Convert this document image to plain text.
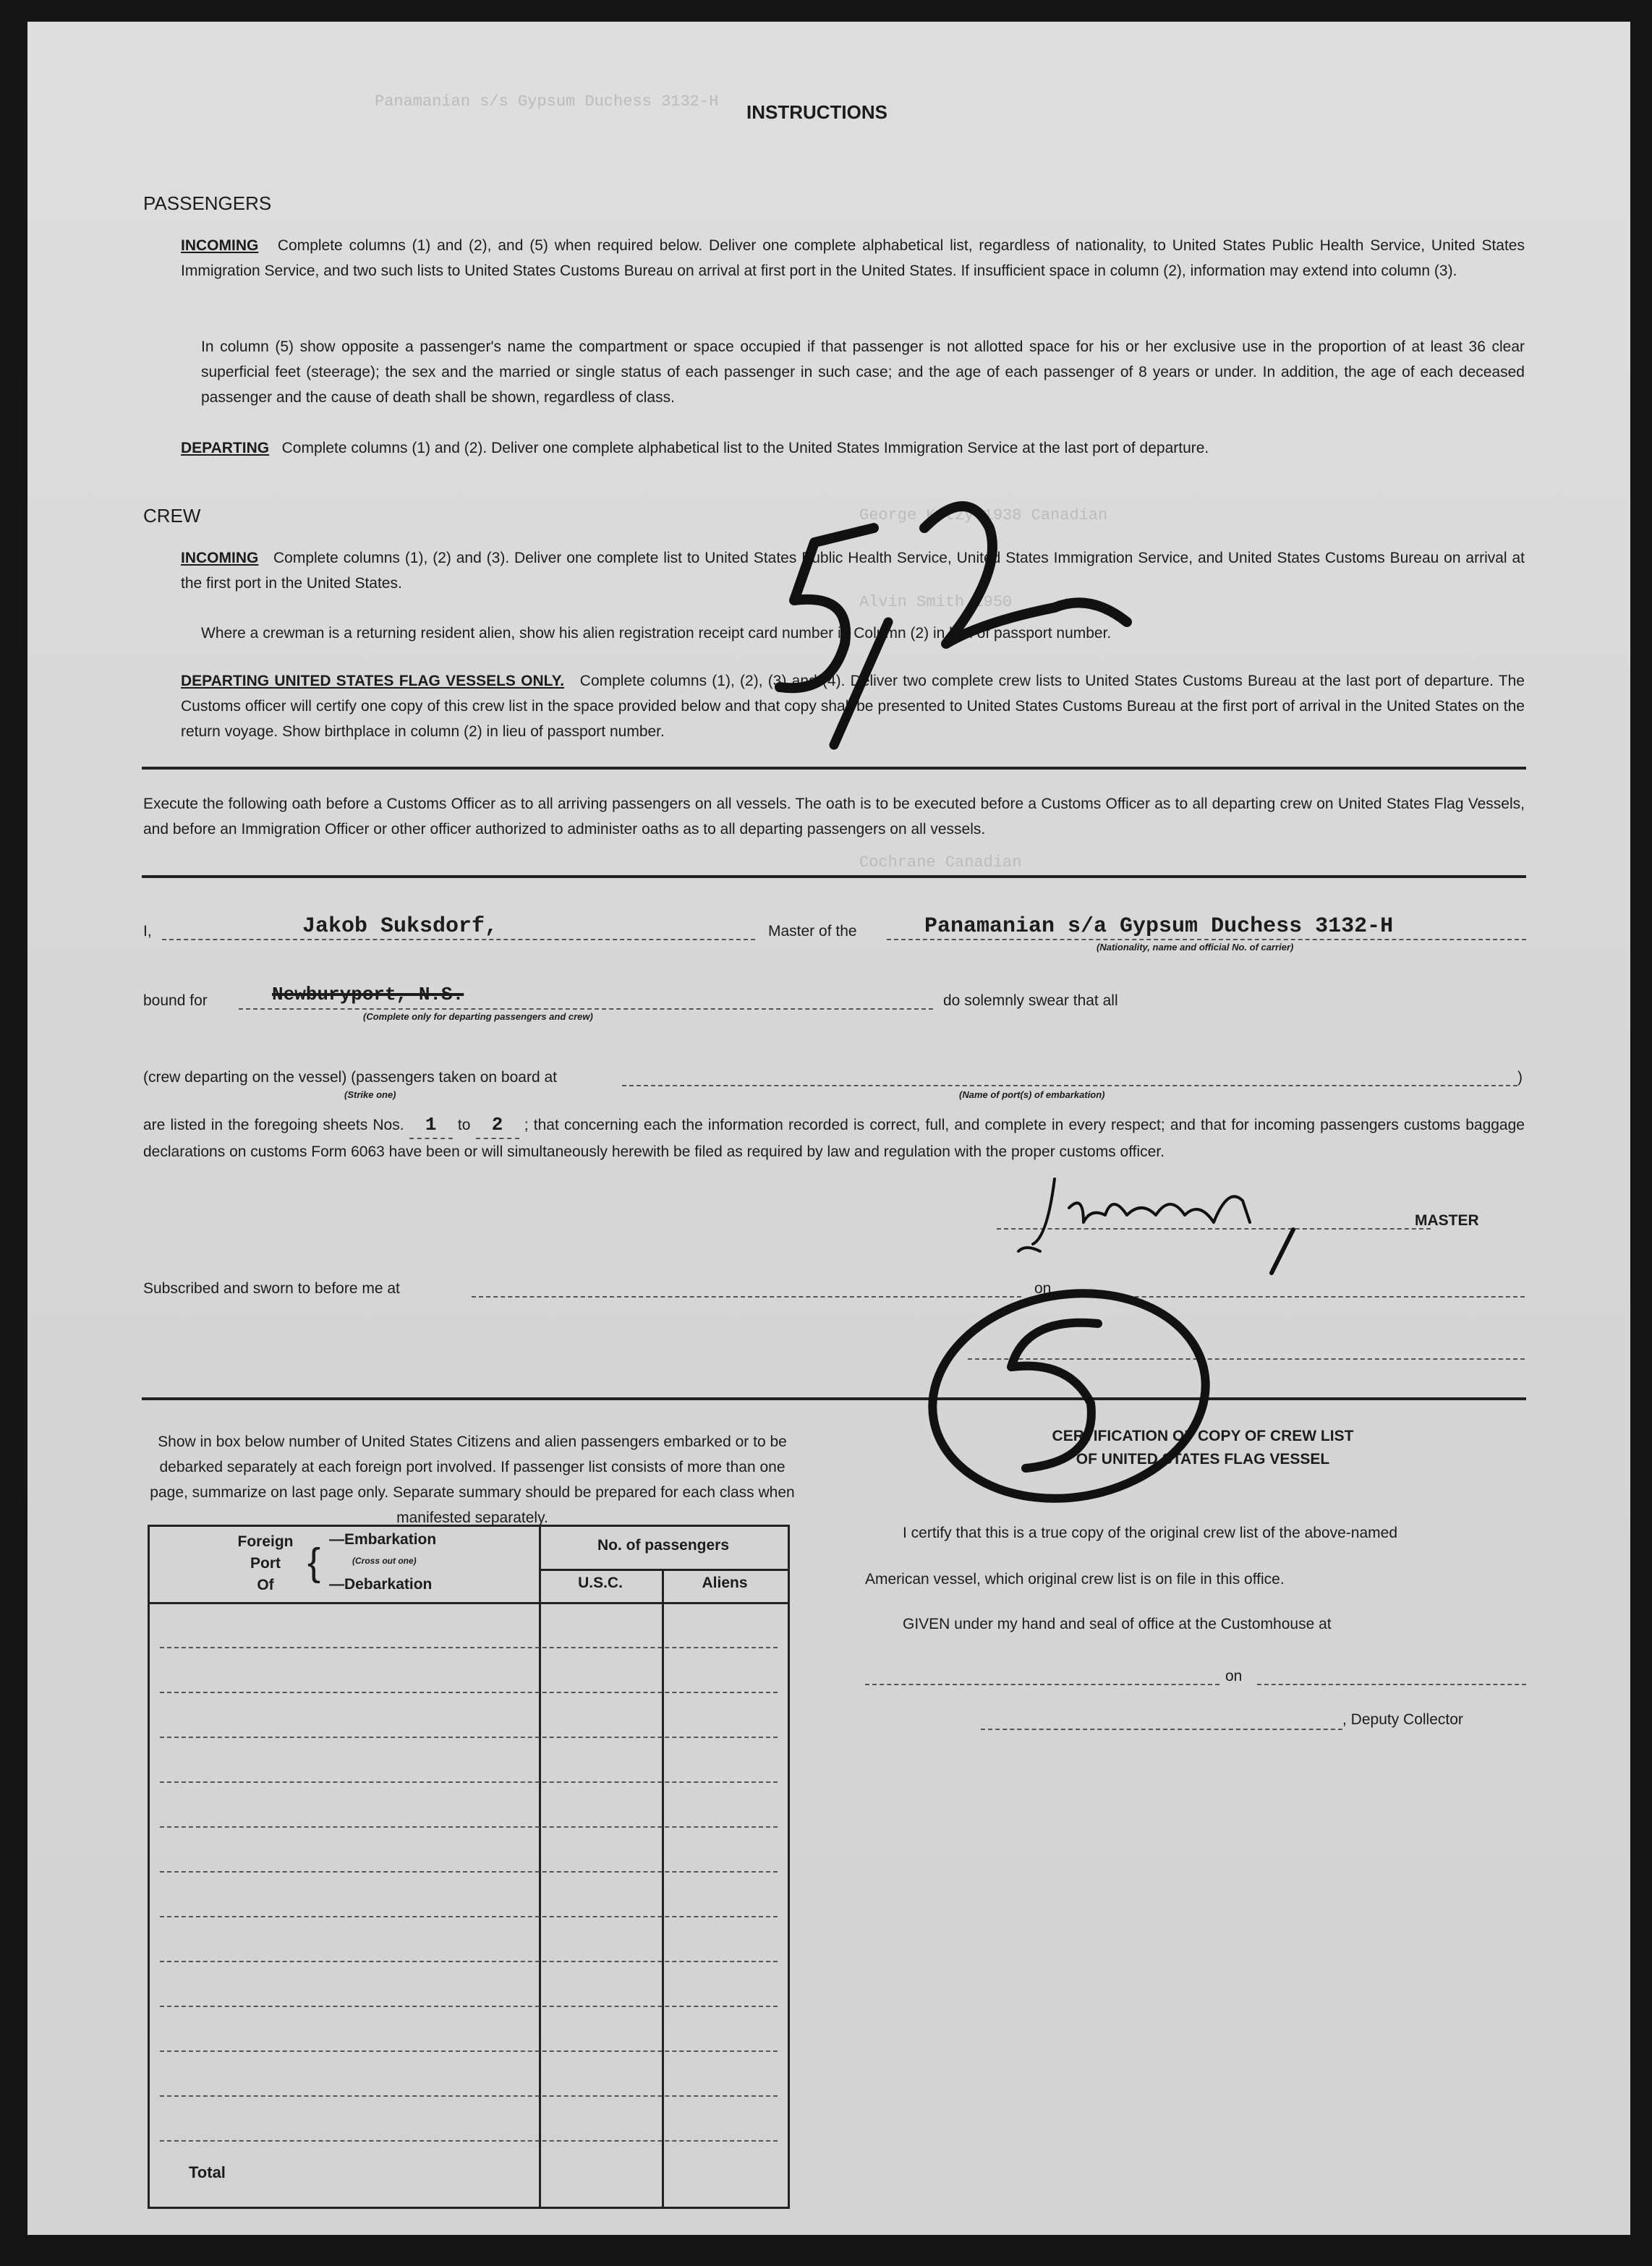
Panamanian s/s Gypsum Duchess 3132-H
George Kotzy 1938 Canadian
Alvin Smith 1950
Cochrane Canadian
INSTRUCTIONS
PASSENGERS
INCOMING Complete columns (1) and (2), and (5) when required below. Deliver one complete alphabetical list, regardless of nationality, to United States Public Health Service, United States Immigration Service, and two such lists to United States Customs Bureau on arrival at first port in the United States. If insufficient space in column (2), information may extend into column (3).
In column (5) show opposite a passenger's name the compartment or space occupied if that passenger is not allotted space for his or her exclusive use in the proportion of at least 36 clear superficial feet (steerage); the sex and the married or single status of each passenger in such case; and the age of each passenger of 8 years or under. In addition, the age of each deceased passenger and the cause of death shall be shown, regardless of class.
DEPARTING Complete columns (1) and (2). Deliver one complete alphabetical list to the United States Immigration Service at the last port of departure.
CREW
INCOMING Complete columns (1), (2) and (3). Deliver one complete list to United States Public Health Service, United States Immigration Service, and United States Customs Bureau on arrival at the first port in the United States.
Where a crewman is a returning resident alien, show his alien registration receipt card number in Column (2) in lieu of passport number.
DEPARTING UNITED STATES FLAG VESSELS ONLY. Complete columns (1), (2), (3) and (4). Deliver two complete crew lists to United States Customs Bureau at the last port of departure. The Customs officer will certify one copy of this crew list in the space provided below and that copy shall be presented to United States Customs Bureau at the first port of arrival in the United States on the return voyage. Show birthplace in column (2) in lieu of passport number.
Execute the following oath before a Customs Officer as to all arriving passengers on all vessels. The oath is to be executed before a Customs Officer as to all departing crew on United States Flag Vessels, and before an Immigration Officer or other officer authorized to administer oaths as to all departing passengers on all vessels.
I,	Jakob Suksdorf,	Master of the	Panamanian s/a Gypsum Duchess 3132-H
(Nationality, name and official No. of carrier)
bound for	Newburyport, N.S.
(Complete only for departing passengers and crew)
do solemnly swear that all
(crew departing on the vessel) (passengers taken on board at	)
(Strike one)	(Name of port(s) of embarkation)
are listed in the foregoing sheets Nos. 1 to 2 ; that concerning each the information recorded is correct, full, and complete in every respect; and that for incoming passengers customs baggage declarations on customs Form 6063 have been or will simultaneously herewith be filed as required by law and regulation with the proper customs officer.
MASTER
Subscribed and sworn to before me at	on
Show in box below number of United States Citizens and alien passengers embarked or to be debarked separately at each foreign port involved. If passenger list consists of more than one page, summarize on last page only. Separate summary should be prepared for each class when manifested separately.
Foreign
Port
Of
{
—Embarkation
(Cross out one)
—Debarkation
No. of passengers
U.S.C.	Aliens
Total
CERTIFICATION OF COPY OF CREW LIST
OF UNITED STATES FLAG VESSEL
I certify that this is a true copy of the original crew list of the above-named
American vessel, which original crew list is on file in this office.
GIVEN under my hand and seal of office at the Customhouse at
on
, Deputy Collector
